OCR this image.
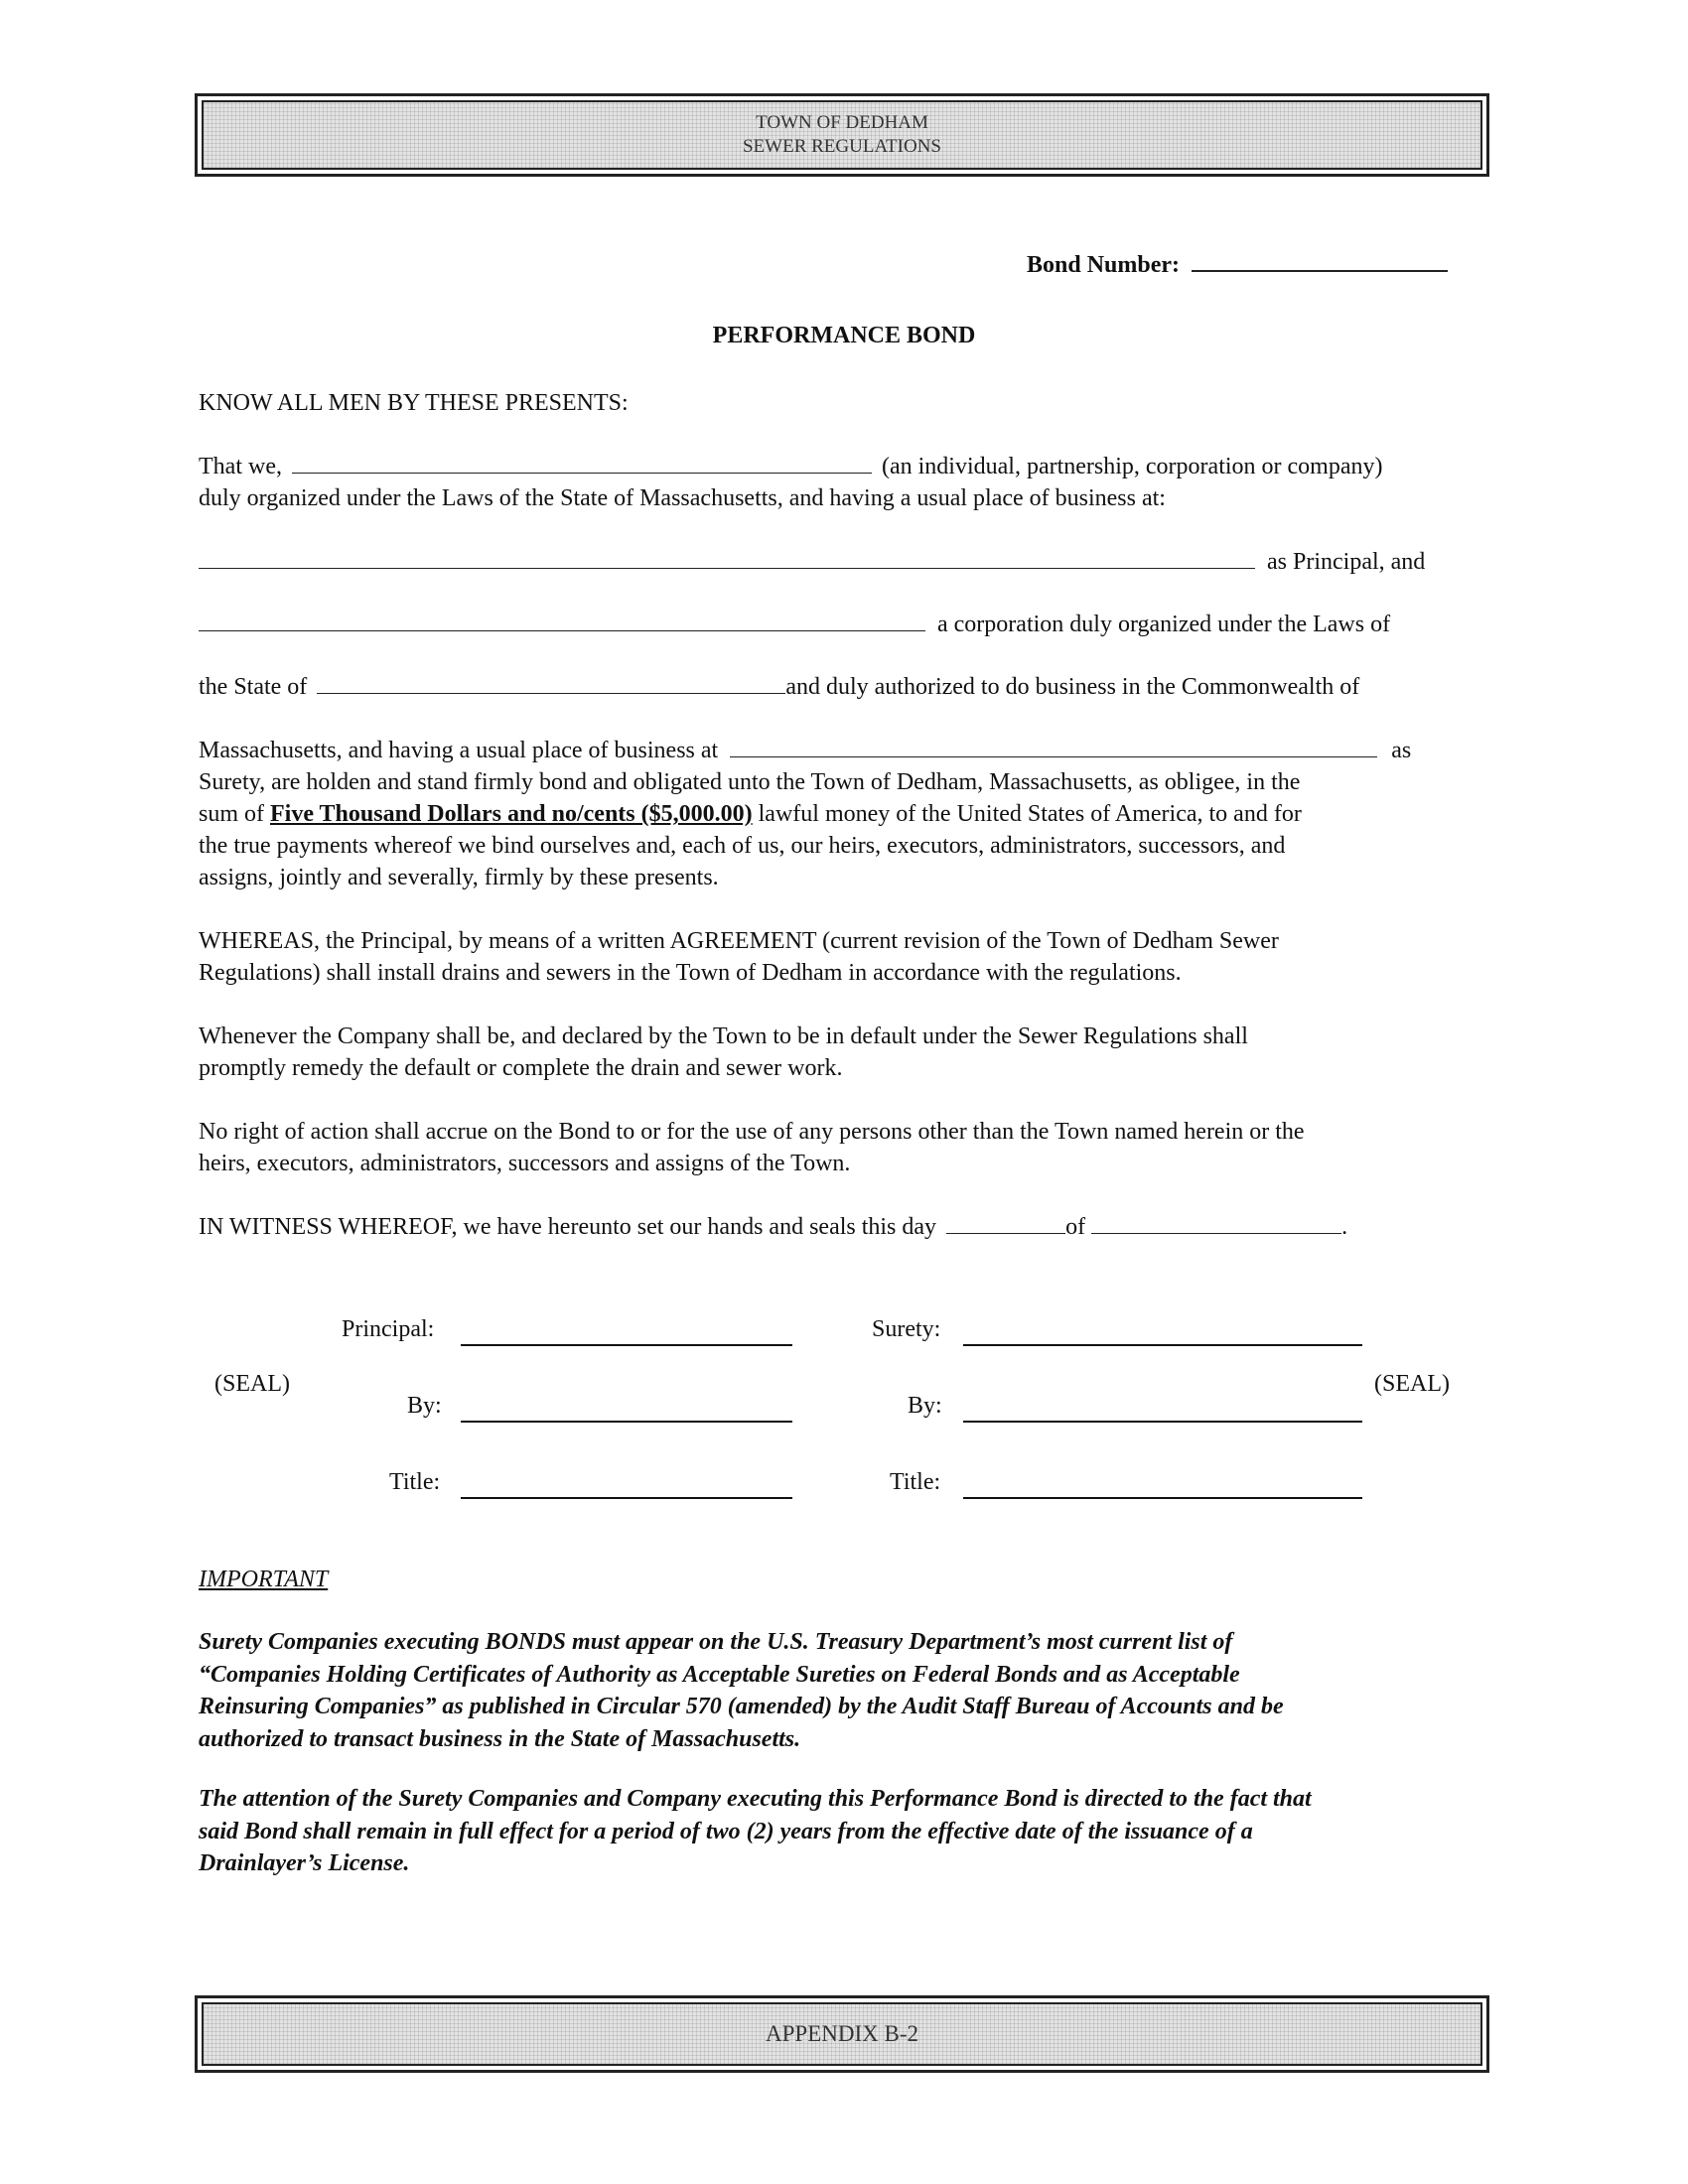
TOWN OF DEDHAM
SEWER REGULATIONS
Bond Number:
PERFORMANCE BOND
KNOW ALL MEN BY THESE PRESENTS:
That we,	(an individual, partnership, corporation or company)
duly organized under the Laws of the State of Massachusetts, and having a usual place of business at:
as Principal, and
a corporation duly organized under the Laws of
the State of	and duly authorized to do business in the Commonwealth of
Massachusetts, and having a usual place of business at	as
Surety, are holden and stand firmly bond and obligated unto the Town of Dedham, Massachusetts, as obligee, in the
sum of Five Thousand Dollars and no/cents ($5,000.00) lawful money of the United States of America, to and for
the true payments whereof we bind ourselves and, each of us, our heirs, executors, administrators, successors, and
assigns, jointly and severally, firmly by these presents.
WHEREAS, the Principal, by means of a written AGREEMENT (current revision of the Town of Dedham Sewer
Regulations) shall install drains and sewers in the Town of Dedham in accordance with the regulations.
Whenever the Company shall be, and declared by the Town to be in default under the Sewer Regulations shall
promptly remedy the default or complete the drain and sewer work.
No right of action shall accrue on the Bond to or for the use of any persons other than the Town named herein or the
heirs, executors, administrators, successors and assigns of the Town.
IN WITNESS WHEREOF, we have hereunto set our hands and seals this day	of	.
Principal:	Surety:
(SEAL)	(SEAL)
By:	By:
Title:	Title:
IMPORTANT
Surety Companies executing BONDS must appear on the U.S. Treasury Department’s most current list of
“Companies Holding Certificates of Authority as Acceptable Sureties on Federal Bonds and as Acceptable
Reinsuring Companies” as published in Circular 570 (amended) by the Audit Staff Bureau of Accounts and be
authorized to transact business in the State of Massachusetts.
The attention of the Surety Companies and Company executing this Performance Bond is directed to the fact that
said Bond shall remain in full effect for a period of two (2) years from the effective date of the issuance of a
Drainlayer’s License.
APPENDIX B-2
